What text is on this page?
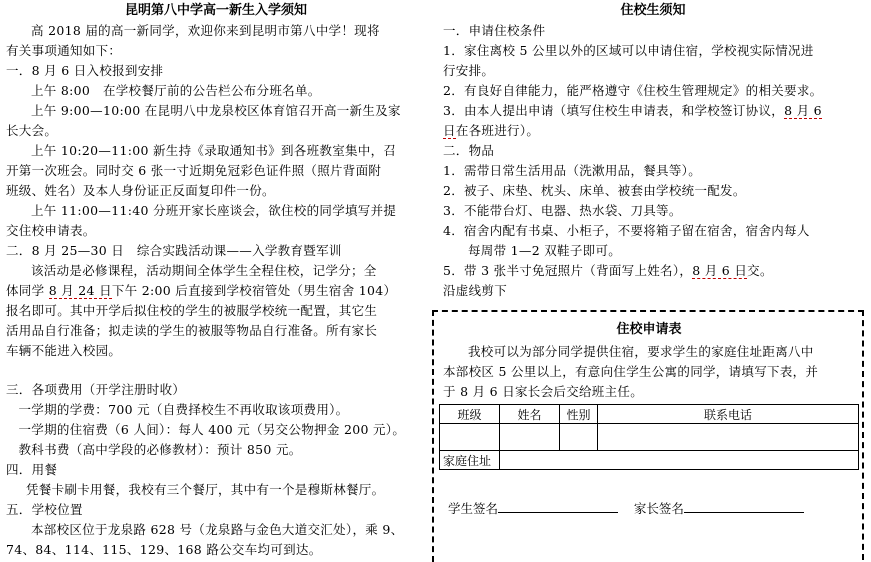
昆明第八中学高一新生入学须知

高 2018 届的高一新同学，欢迎你来到昆明市第八中学！现将

有关事项通知如下：

一．8 月 6 日入校报到安排

上午 8:00　在学校餐厅前的公告栏公布分班名单。

上午 9:00—10:00 在昆明八中龙泉校区体育馆召开高一新生及家

长大会。

上午 10:20—11:00 新生持《录取通知书》到各班教室集中，召

开第一次班会。同时交 6 张一寸近期免冠彩色证件照（照片背面附

班级、姓名）及本人身份证正反面复印件一份。

上午 11:00—11:40 分班开家长座谈会，欲住校的同学填写并提

交住校申请表。

二．8 月 25—30 日　综合实践活动课——入学教育暨军训

该活动是必修课程，活动期间全体学生全程住校，记学分；全

体同学 8 月 24 日下午 2:00 后直接到学校宿管处（男生宿舍 104）

报名即可。其中开学后拟住校的学生的被服学校统一配置，其它生

活用品自行准备；拟走读的学生的被服等物品自行准备。所有家长

车辆不能进入校园。

三．各项费用（开学注册时收）

一学期的学费：700 元（自费择校生不再收取该项费用）。

一学期的住宿费（6 人间）：每人 400 元（另交公物押金 200 元）。

教科书费（高中学段的必修教材）：预计 850 元。

四．用餐

凭餐卡刷卡用餐，我校有三个餐厅，其中有一个是穆斯林餐厅。

五．学校位置

本部校区位于龙泉路 628 号（龙泉路与金色大道交汇处），乘 9、

74、84、114、115、129、168 路公交车均可到达。

住校生须知

一．申请住校条件

1．家住离校 5 公里以外的区域可以申请住宿，学校视实际情况进

行安排。

2．有良好自律能力，能严格遵守《住校生管理规定》的相关要求。

3．由本人提出申请（填写住校生申请表，和学校签订协议，8 月 6

日在各班进行）。

二．物品

1．需带日常生活用品（洗漱用品，餐具等）。

2．被子、床垫、枕头、床单、被套由学校统一配发。

3．不能带台灯、电器、热水袋、刀具等。

4．宿舍内配有书桌、小柜子，不要将箱子留在宿舍，宿舍内每人

每周带 1—2 双鞋子即可。

5．带 3 张半寸免冠照片（背面写上姓名），8 月 6 日交。

沿虚线剪下

住校申请表

我校可以为部分同学提供住宿，要求学生的家庭住址距离八中

本部校区 5 公里以上，有意向住学生公寓的同学，请填写下表，并

于 8 月 6 日家长会后交给班主任。

班级	姓名	性别	联系电话

家庭住址			
学生签名	家长签名
